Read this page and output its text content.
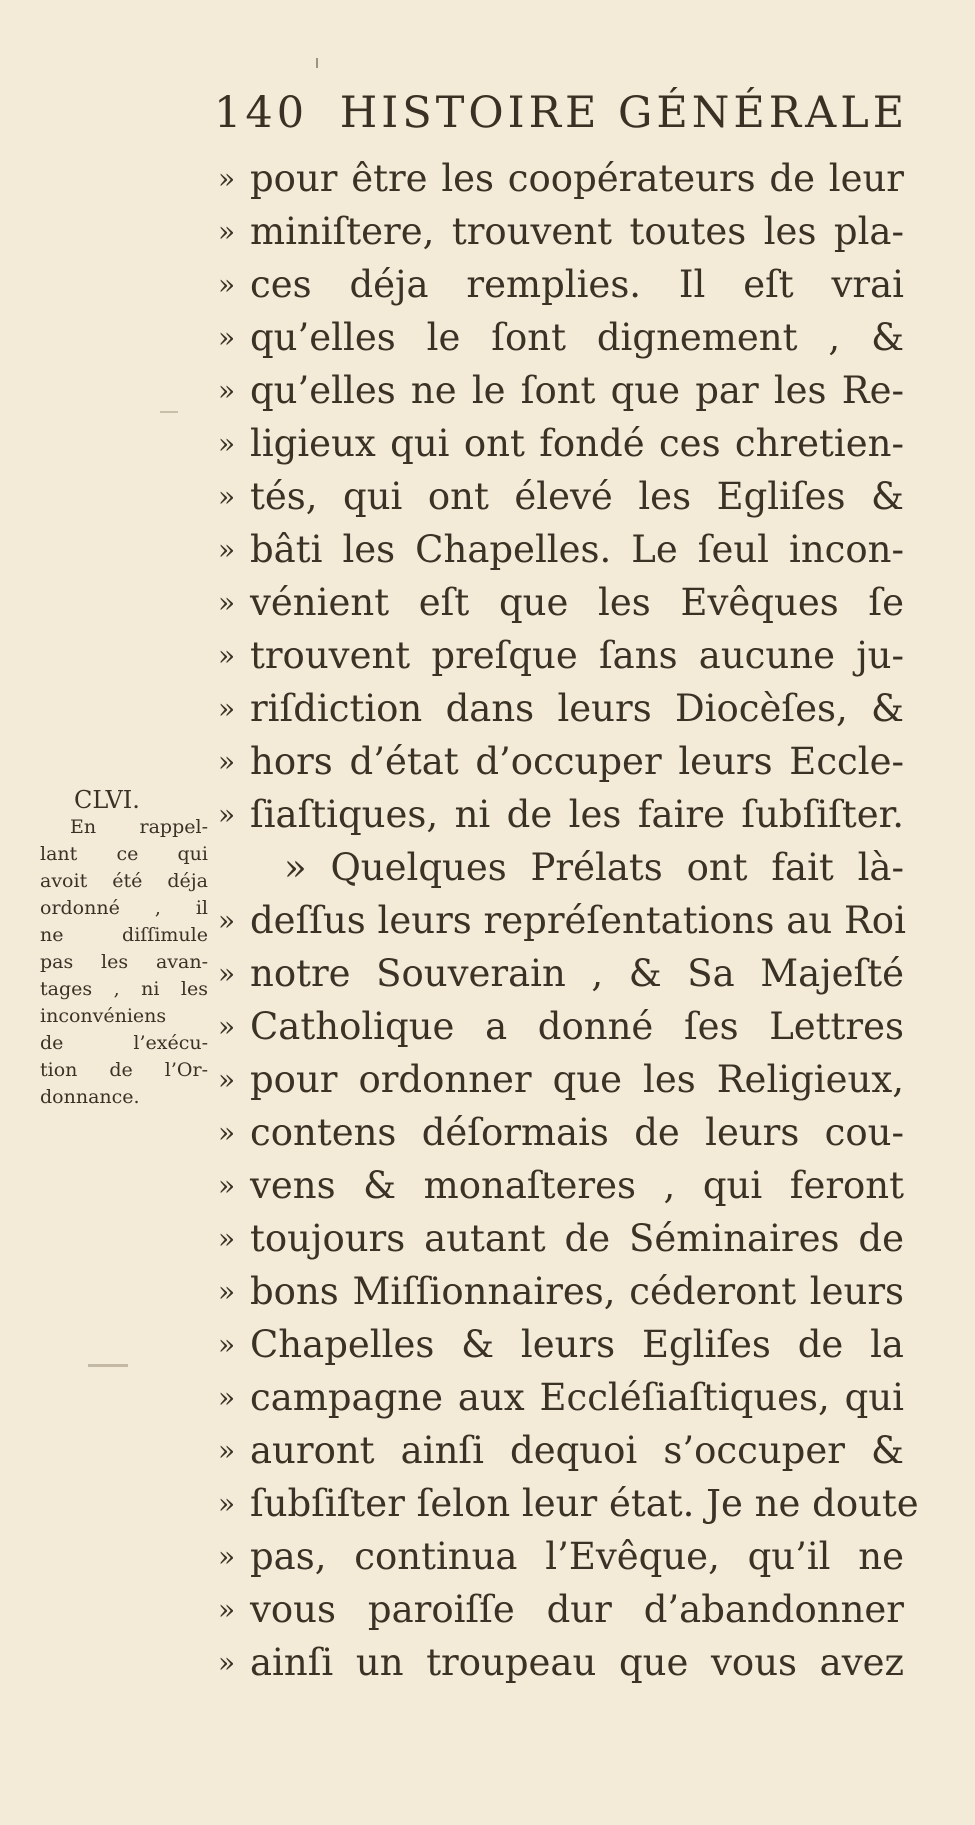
140 HISTOIRE GÉNÉRALE
» pour être les coopérateurs de leur
» miniſtere, trouvent toutes les pla-
» ces déja remplies. Il eſt vrai
» qu’elles le ſont dignement , &
» qu’elles ne le ſont que par les Re-
» ligieux qui ont fondé ces chretien-
» tés, qui ont élevé les Egliſes &
» bâti les Chapelles. Le ſeul incon-
» vénient eſt que les Evêques ſe
» trouvent preſque ſans aucune ju-
» riſdiction dans leurs Diocèſes, &
» hors d’état d’occuper leurs Eccle-
» ſiaſtiques, ni de les faire ſubſiſter.
» Quelques Prélats ont fait là-
» deſſus leurs repréſentations au Roi
» notre Souverain , & Sa Majeſté
» Catholique a donné ſes Lettres
» pour ordonner que les Religieux,
» contens déſormais de leurs cou-
» vens & monaſteres , qui feront
» toujours autant de Séminaires de
» bons Miſſionnaires, céderont leurs
» Chapelles & leurs Egliſes de la
» campagne aux Eccléſiaſtiques, qui
» auront ainſi dequoi s’occuper &
» ſubſiſter ſelon leur état. Je ne doute
» pas, continua l’Evêque, qu’il ne
» vous paroiſſe dur d’abandonner
» ainſi un troupeau que vous avez
CLVI.
En rappel-
lant ce qui
avoit été déja
ordonné , il
ne diſſimule
pas les avan-
tages , ni les
inconvéniens
de l’exécu-
tion de l’Or-
donnance.
